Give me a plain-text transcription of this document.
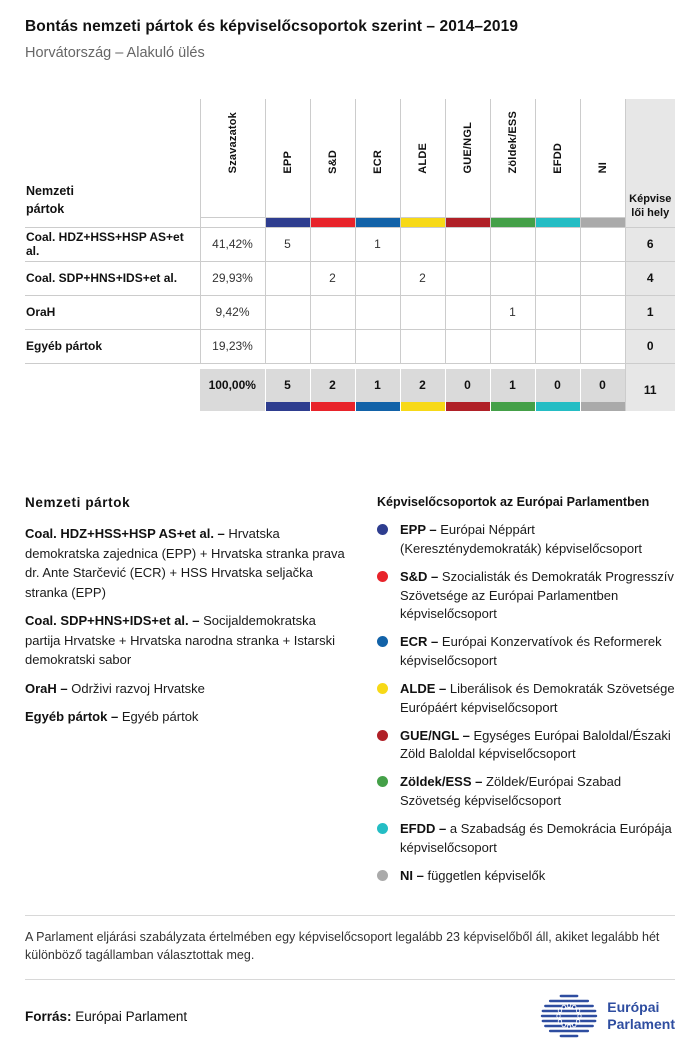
Bontás nemzeti pártok és képviselőcsoportok szerint – 2014–2019
Horvátország – Alakuló ülés
Nemzeti
pártok	Szavazatok	EPP	S&D	ECR	ALDE	GUE/NGL	Zöldek/ESS	EFDD	NI	Képviselői hely

Coal. HDZ+HSS+HSP AS+et al.	41,42%	5		1						6
Coal. SDP+HNS+IDS+et al.	29,93%		2		2					4
OraH	9,42%						1			1
Egyéb pártok	19,23%									0

	100,00%	5	2	1	2	0	1	0	0	11
Nemzeti pártok

Coal. HDZ+HSS+HSP AS+et al. – Hrvatska demokratska zajednica (EPP) + Hrvatska stranka prava dr. Ante Starčević (ECR) + HSS Hrvatska seljačka stranka (EPP)

Coal. SDP+HNS+IDS+et al. – Socijaldemokratska partija Hrvatske + Hrvatska narodna stranka + Istarski demokratski sabor

OraH – Održivi razvoj Hrvatske

Egyéb pártok – Egyéb pártok

Képviselőcsoportok az Európai Parlamentben
EPP – Európai Néppárt (Kereszténydemokraták) képviselőcsoport
S&D – Szocialisták és Demokraták Progresszív Szövetsége az Európai Parlamentben képviselőcsoport
ECR – Európai Konzervatívok és Reformerek képviselőcsoport
ALDE – Liberálisok és Demokraták Szövetsége Európáért képviselőcsoport
GUE/NGL – Egységes Európai Baloldal/Északi Zöld Baloldal képviselőcsoport
Zöldek/ESS – Zöldek/Európai Szabad Szövetség képviselőcsoport
EFDD – a Szabadság és Demokrácia Európája képviselőcsoport
NI – független képviselők
A Parlament eljárási szabályzata értelmében egy képviselőcsoport legalább 23 képviselőből áll, akiket legalább hét különböző tagállamban választottak meg.
Forrás: Európai Parlament
Európai
Parlament
